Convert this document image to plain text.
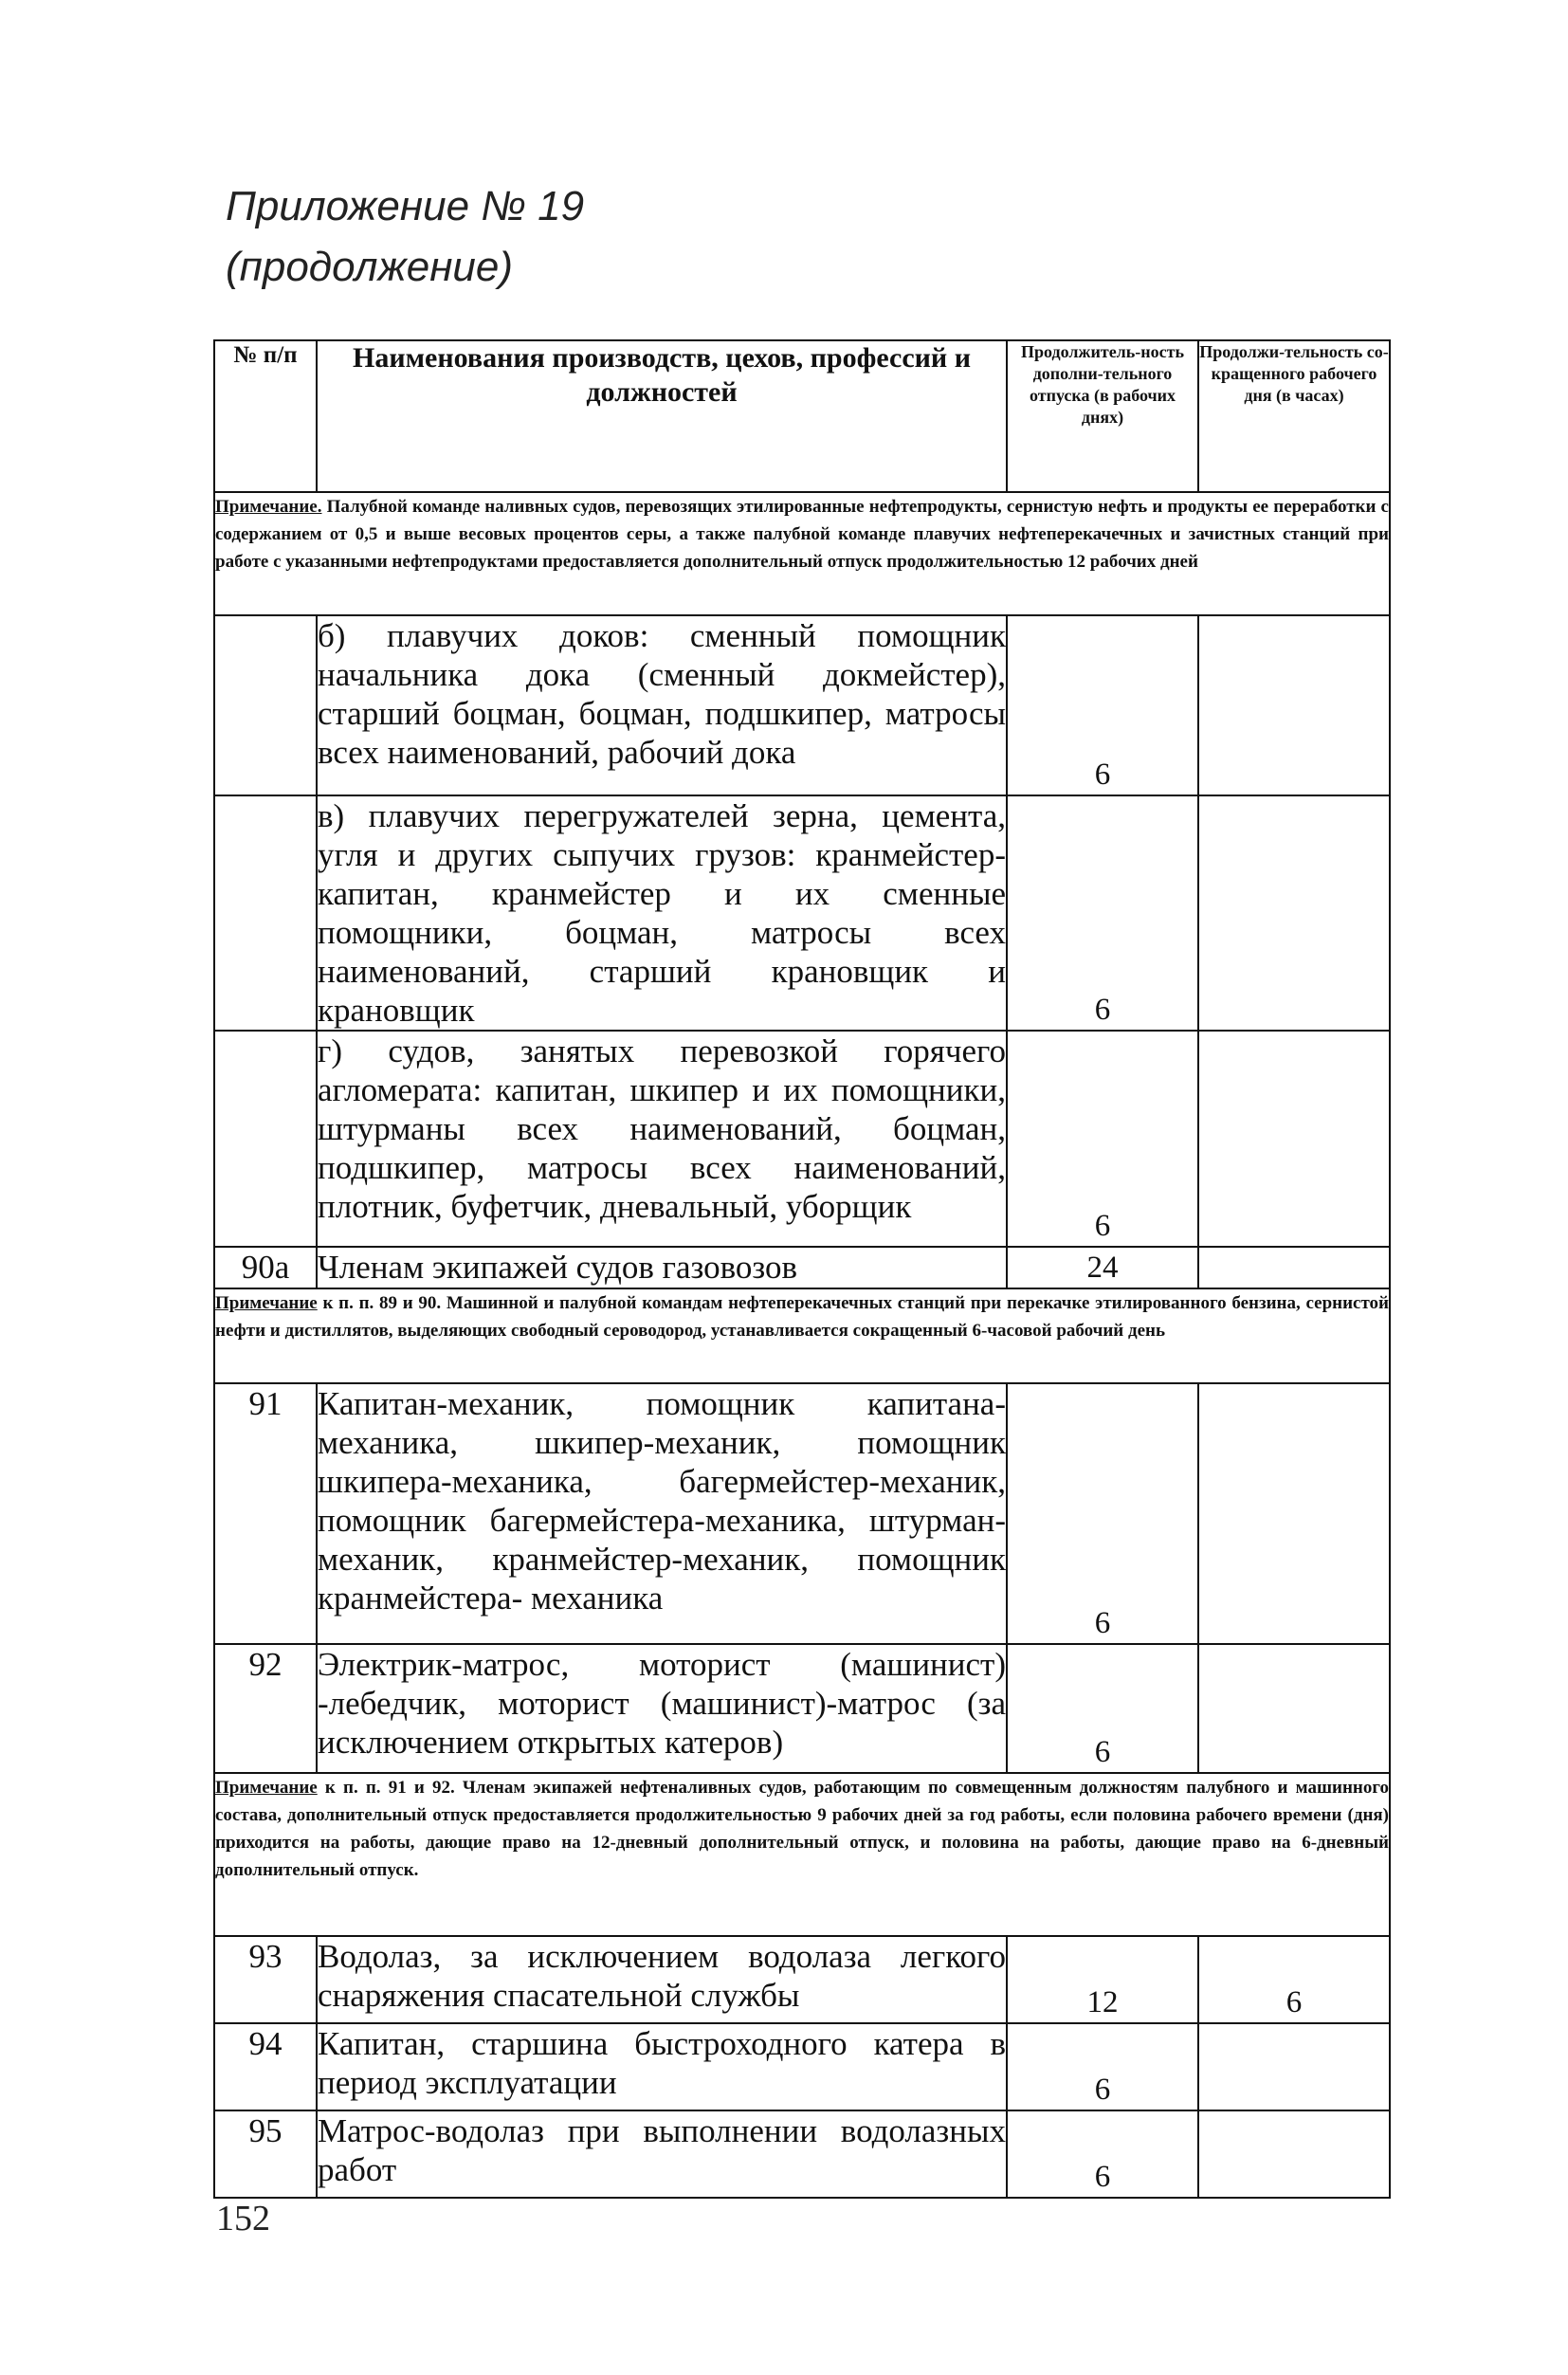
Приложение № 19
(продолжение)
№ п/п	Наименования производств, цехов, профессий и должностей	Продолжитель-ность дополни-тельного отпуска (в рабочих днях)	Продолжи-тельность со-кращенного рабочего дня (в часах)
Примечание. Палубной команде наливных судов, перевозящих этилированные нефтепродукты, сернистую нефть и продукты ее переработки с содержанием от 0,5 и выше весовых процентов серы, а также палубной команде плавучих нефтеперекачечных и зачистных станций при работе с указанными нефтепродуктами предоставляется дополнительный отпуск продолжительностью 12 рабочих дней			
	б) плавучих доков: сменный помощник начальника дока (сменный докмейстер), старший боцман, боцман, подшкипер, матросы всех наименований, рабочий дока	6	
	в) плавучих перегружателей зерна, цемента, угля и других сыпучих грузов: кранмейстер-капитан, кранмейстер и их сменные помощники, боцман, матросы всех наименований, старший крановщик и крановщик	6	
	г) судов, занятых перевозкой горячего агломерата: капитан, шкипер и их помощники, штурманы всех наименований, боцман, подшкипер, матросы всех наименований, плотник, буфетчик, дневальный, уборщик	6	
90а	Членам экипажей судов газовозов	24	
Примечание к п. п. 89 и 90. Машинной и палубной командам нефтеперекачечных станций при перекачке этилированного бензина, сернистой нефти и дистиллятов, выделяющих свободный сероводород, устанавливается сокращенный 6-часовой рабочий день			
91	Капитан-механик, помощник капитана-механика, шкипер-механик, помощник шкипера-механика, багермейстер-механик, помощник багермейстера-механика, штурман-механик, кранмейстер-механик, помощник кранмейстера- механика	6	
92	Электрик-матрос, моторист (машинист) -лебедчик, моторист (машинист)-матрос (за исключением открытых катеров)	6	
Примечание к п. п. 91 и 92. Членам экипажей нефтеналивных судов, работающим по совмещенным должностям палубного и машинного состава, дополнительный отпуск предоставляется продолжительностью 9 рабочих дней за год работы, если половина рабочего времени (дня) приходится на работы, дающие право на 12-дневный дополнительный отпуск, и половина на работы, дающие право на 6-дневный дополнительный отпуск.			
93	Водолаз, за исключением водолаза легкого снаряжения спасательной службы	12	6
94	Капитан, старшина быстроходного катера в период эксплуатации	6	
95	Матрос-водолаз при выполнении водолазных работ	6	
152
